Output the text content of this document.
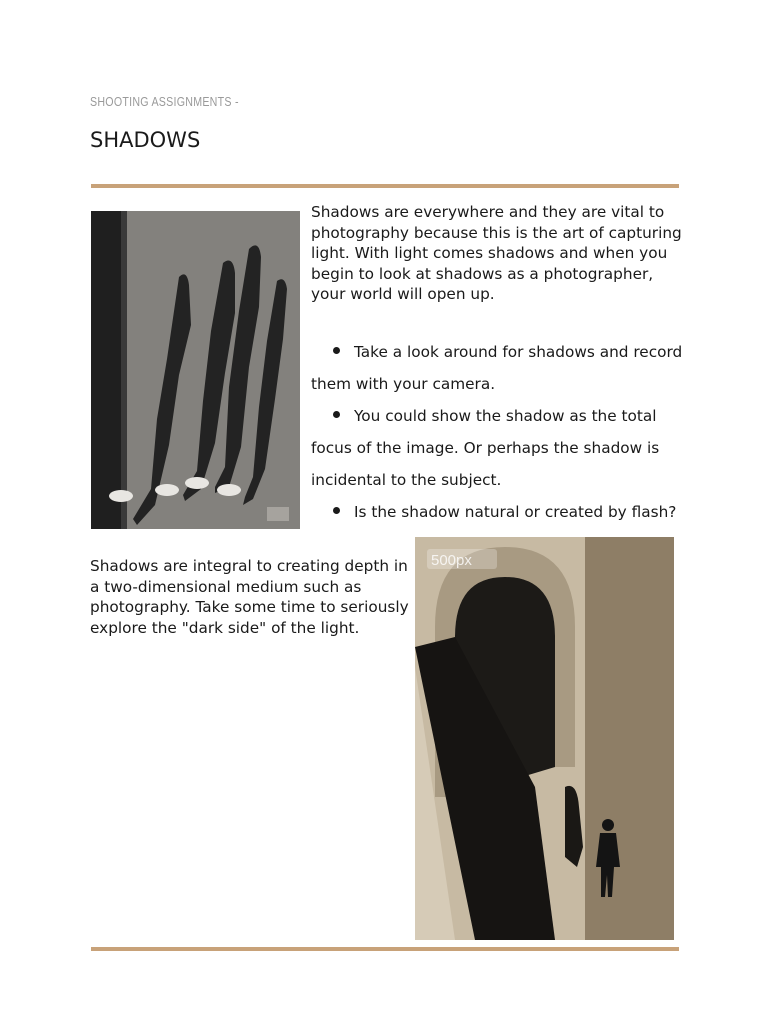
SHOOTING ASSIGNMENTS -
SHADOWS

Shadows are everywhere and they are vital to photography because this is the art of capturing light. With light comes shadows and when you begin to look at shadows as a photographer, your world will open up.

Take a look around for shadows and record them with your camera.
You could show the shadow as the total focus of the image. Or perhaps the shadow is incidental to the subject.
Is the shadow natural or created by flash?

Shadows are integral to creating depth in a two-dimensional medium such as photography. Take some time to seriously explore the "dark side" of the light.

500px
